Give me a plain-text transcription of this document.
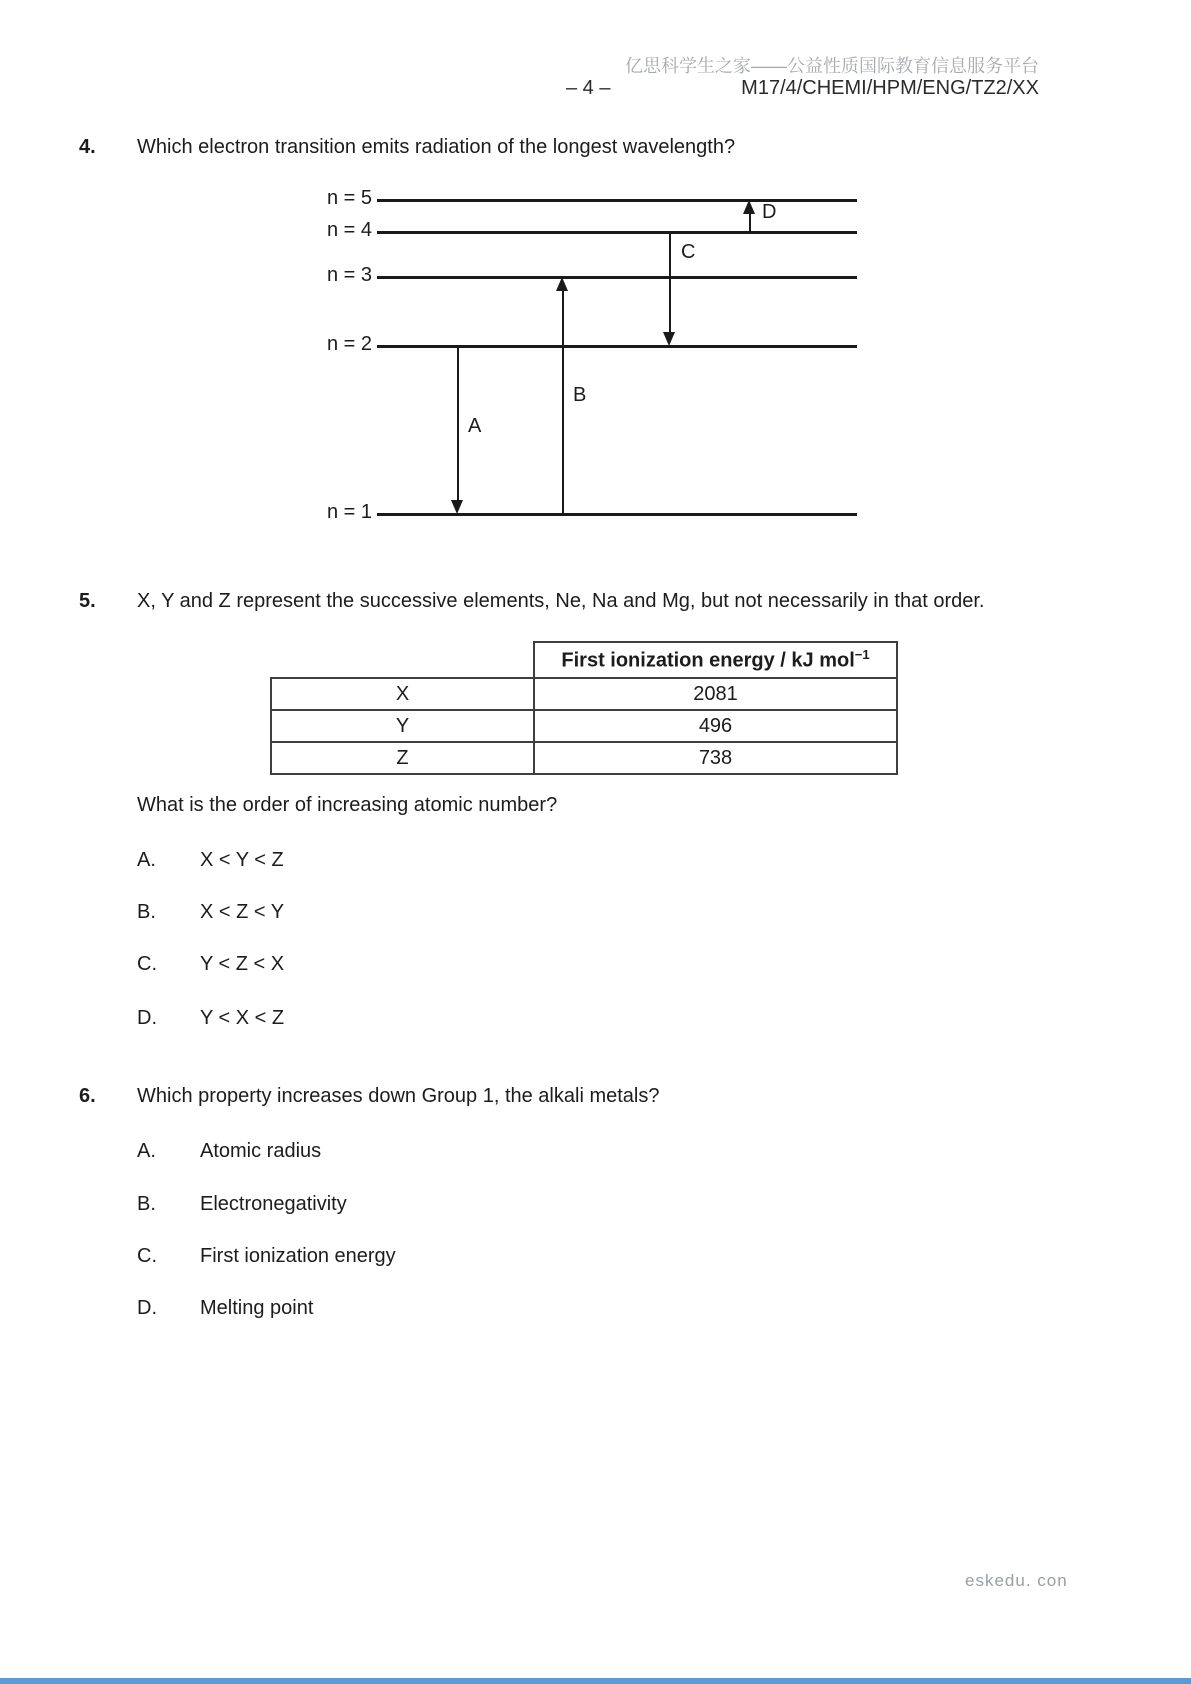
亿思科学生之家——公益性质国际教育信息服务平台
– 4 –	M17/4/CHEMI/HPM/ENG/TZ2/XX
4. Which electron transition emits radiation of the longest wavelength?
n = 5
n = 4
n = 3
n = 2
n = 1
A
B
C
D
5. X, Y and Z represent the successive elements, Ne, Na and Mg, but not necessarily in that order.
	First ionization energy / kJ mol$^{-1}$
X	2081
Y	496
Z	738
What is the order of increasing atomic number?
A. X < Y < Z
B. X < Z < Y
C. Y < Z < X
D. Y < X < Z
6. Which property increases down Group 1, the alkali metals?
A. Atomic radius
B. Electronegativity
C. First ionization energy
D. Melting point
eskedu. con
